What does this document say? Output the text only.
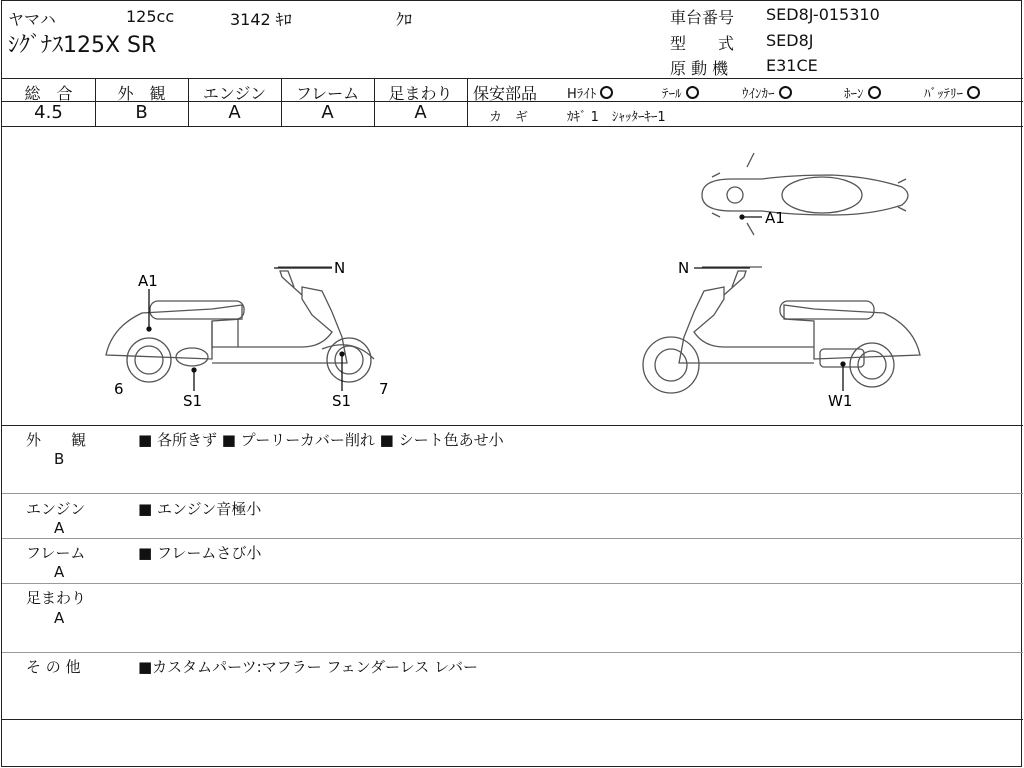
ヤマハ	125cc	3142 ｷﾛ	ｸﾛ
ｼｸﾞﾅｽ125X SR
車台番号 SED8J-015310
型　　式 SED8J
原 動 機 E31CE
総　合	外　観	エンジン	フレーム	足まわり
4.5	B	A	A	A
保安部品 Hﾗｲﾄ	ﾃｰﾙ	ｳｲﾝｶｰ	ﾎｰﾝ	ﾊﾞｯﾃﾘｰ
カ　ギ	ｶｷﾞ 1　ｼｬｯﾀｰｷｰ1
A1
N
6
S1	S1
7
N
W1
A1
外　　観
B
■ 各所きず ■ プーリーカバー削れ ■ シート色あせ小
エンジン
A
■ エンジン音極小
フレーム
A
■ フレームさび小
足まわり
A
そ の 他	■カスタムパーツ:マフラー フェンダーレス レバー
